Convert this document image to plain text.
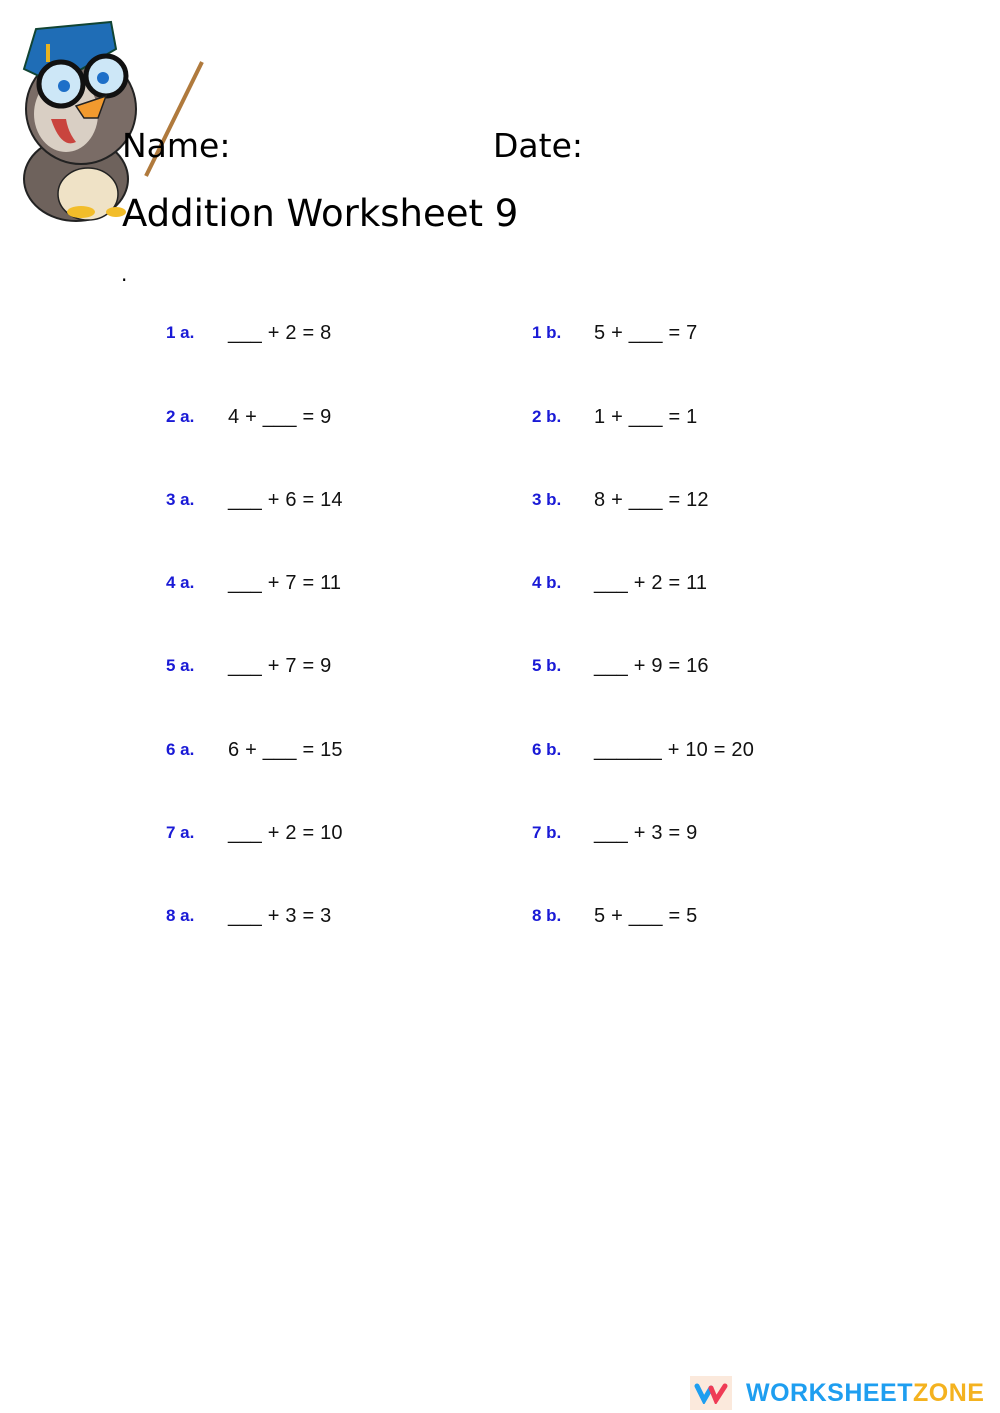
Name:	Date:
Addition Worksheet 9
.
1 a.	___ + 2 = 8	1 b.	5 + ___ = 7
2 a.	4 + ___ = 9	2 b.	1 + ___ = 1
3 a.	___ + 6 = 14	3 b.	8 + ___ = 12
4 a.	___ + 7 = 11	4 b.	___ + 2 = 11
5 a.	___ + 7 = 9	5 b.	___ + 9 = 16
6 a.	6 + ___ = 15	6 b.	______ + 10 = 20
7 a.	___ + 2 = 10	7 b.	___ + 3 = 9
8 a.	___ + 3 = 3	8 b.	5 + ___ = 5
WORKSHEET ZONE
